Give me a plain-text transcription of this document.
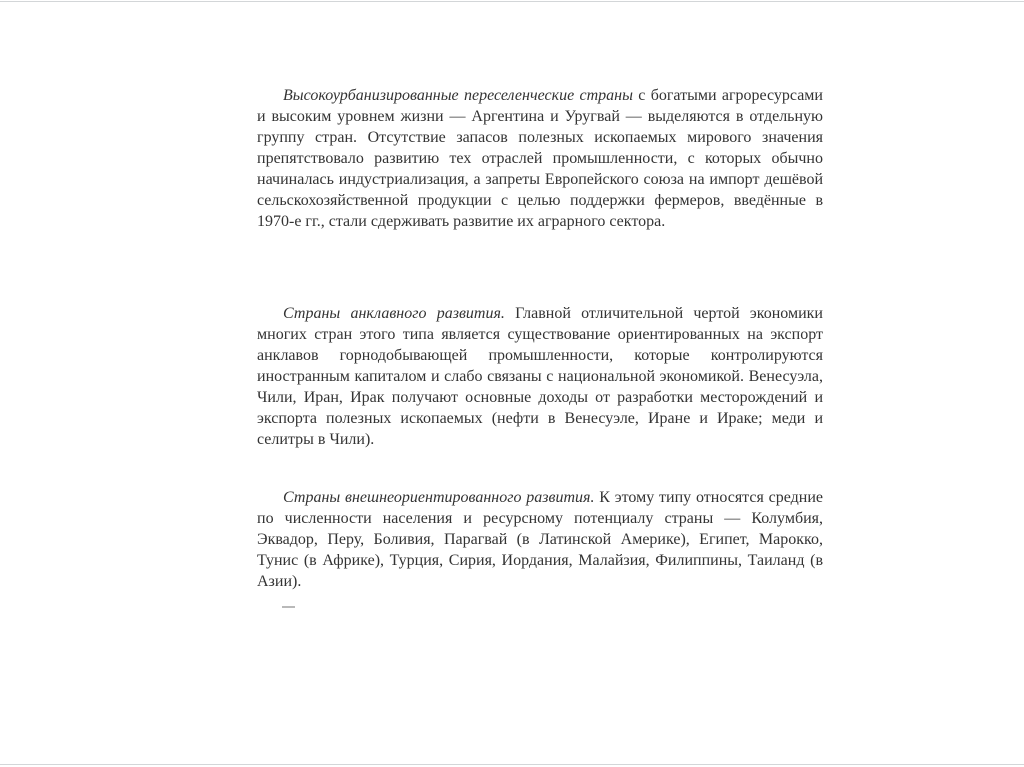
Высокоурбанизированные переселенческие страны с богатыми агроресурсами и высоким уровнем жизни — Аргентина и Уругвай — выделяются в отдельную группу стран. Отсутствие запасов полезных ископаемых мирового значения препятствовало развитию тех отраслей промышленности, с которых обычно начиналась индустриализация, а запреты Европейского союза на импорт дешёвой сельскохозяйственной продукции с целью поддержки фермеров, введённые в 1970-е гг., стали сдерживать развитие их аграрного сектора.

Страны анклавного развития. Главной отличительной чертой экономики многих стран этого типа является существование ориентированных на экспорт анклавов горнодобывающей промышленности, которые контролируются иностранным капиталом и слабо связаны с национальной экономикой. Венесуэла, Чили, Иран, Ирак получают основные доходы от разработки месторождений и экспорта полезных ископаемых (нефти в Венесуэле, Иране и Ираке; меди и селитры в Чили).

Страны внешнеориентированного развития. К этому типу относятся средние по численности населения и ресурсному потенциалу страны — Колумбия, Эквадор, Перу, Боливия, Парагвай (в Латинской Америке), Египет, Марокко, Тунис (в Африке), Турция, Сирия, Иордания, Малайзия, Филиппины, Таиланд (в Азии).
